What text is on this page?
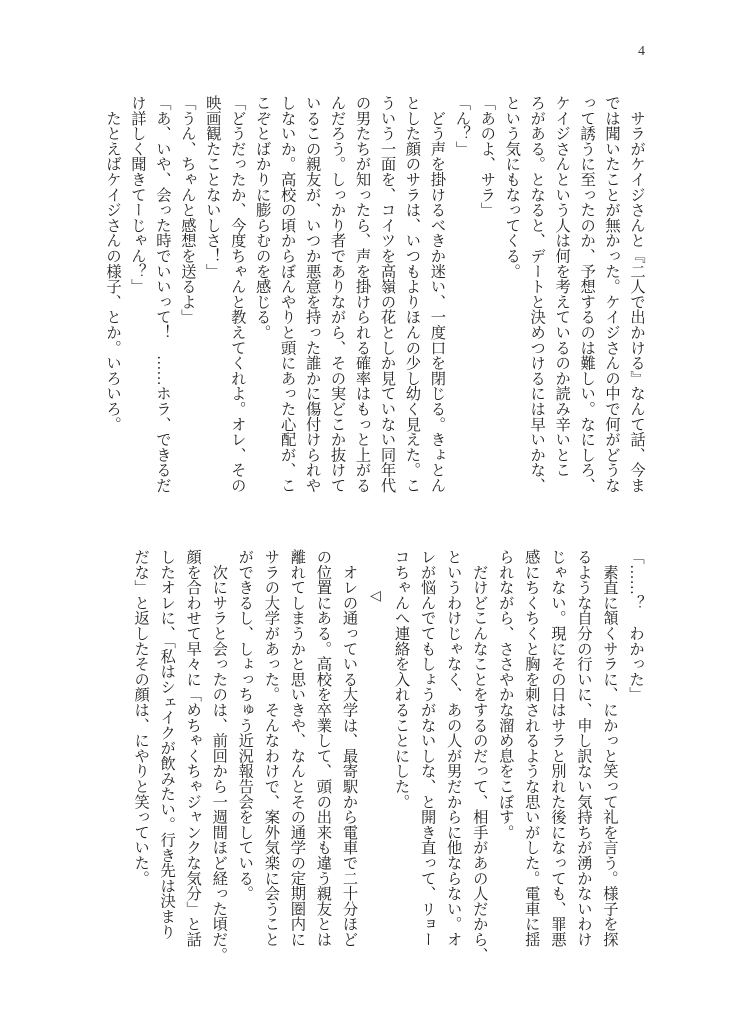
4

　サラがケイジさんと『二人で出かける』なんて話、今ま

では聞いたことが無かった。ケイジさんの中で何がどうな

って誘うに至ったのか、予想するのは難しい。なにしろ、

ケイジさんという人は何を考えているのか読み辛いとこ

ろがある。となると、デートと決めつけるには早いかな、

という気にもなってくる。

「あのよ、サラ」

「ん？」

　どう声を掛けるべきか迷い、一度口を閉じる。きょとん

とした顔のサラは、いつもよりほんの少し幼く見えた。こ

ういう一面を、コイツを高嶺の花としか見ていない同年代

の男たちが知ったら、声を掛けられる確率はもっと上がる

んだろう。しっかり者でありながら、その実どこか抜けて

いるこの親友が、いつか悪意を持った誰かに傷付けられや

しないか。高校の頃からぼんやりと頭にあった心配が、こ

こぞとばかりに膨らむのを感じる。

「どうだったか、今度ちゃんと教えてくれよ。オレ、その

映画観たことないしさ！」

「うん、ちゃんと感想を送るよ」

「あ、いや、会った時でいいって！　……ホラ、できるだ

け詳しく聞きてーじゃん？」

　たとえばケイジさんの様子、とか。いろいろ。

「……？　わかった」

　素直に頷くサラに、にかっと笑って礼を言う。様子を探

るような自分の行いに、申し訳ない気持ちが湧かないわけ

じゃない。現にその日はサラと別れた後になっても、罪悪

感にちくちくと胸を刺されるような思いがした。電車に揺

られながら、ささやかな溜め息をこぼす。

　だけどこんなことをするのだって、相手があの人だから、

というわけじゃなく、あの人が男だからに他ならない。オ

レが悩んでてもしょうがないしな、と開き直って、リョー

コちゃんへ連絡を入れることにした。

◁

　オレの通っている大学は、最寄駅から電車で二十分ほど

の位置にある。高校を卒業して、頭の出来も違う親友とは

離れてしまうかと思いきや、なんとその通学の定期圏内に

サラの大学があった。そんなわけで、案外気楽に会うこと

ができるし、しょっちゅう近況報告会をしている。

　次にサラと会ったのは、前回から一週間ほど経った頃だ。

顔を合わせて早々に「めちゃくちゃジャンクな気分」と話

したオレに、「私はシェイクが飲みたい。行き先は決まり

だな」と返したその顔は、にやりと笑っていた。
